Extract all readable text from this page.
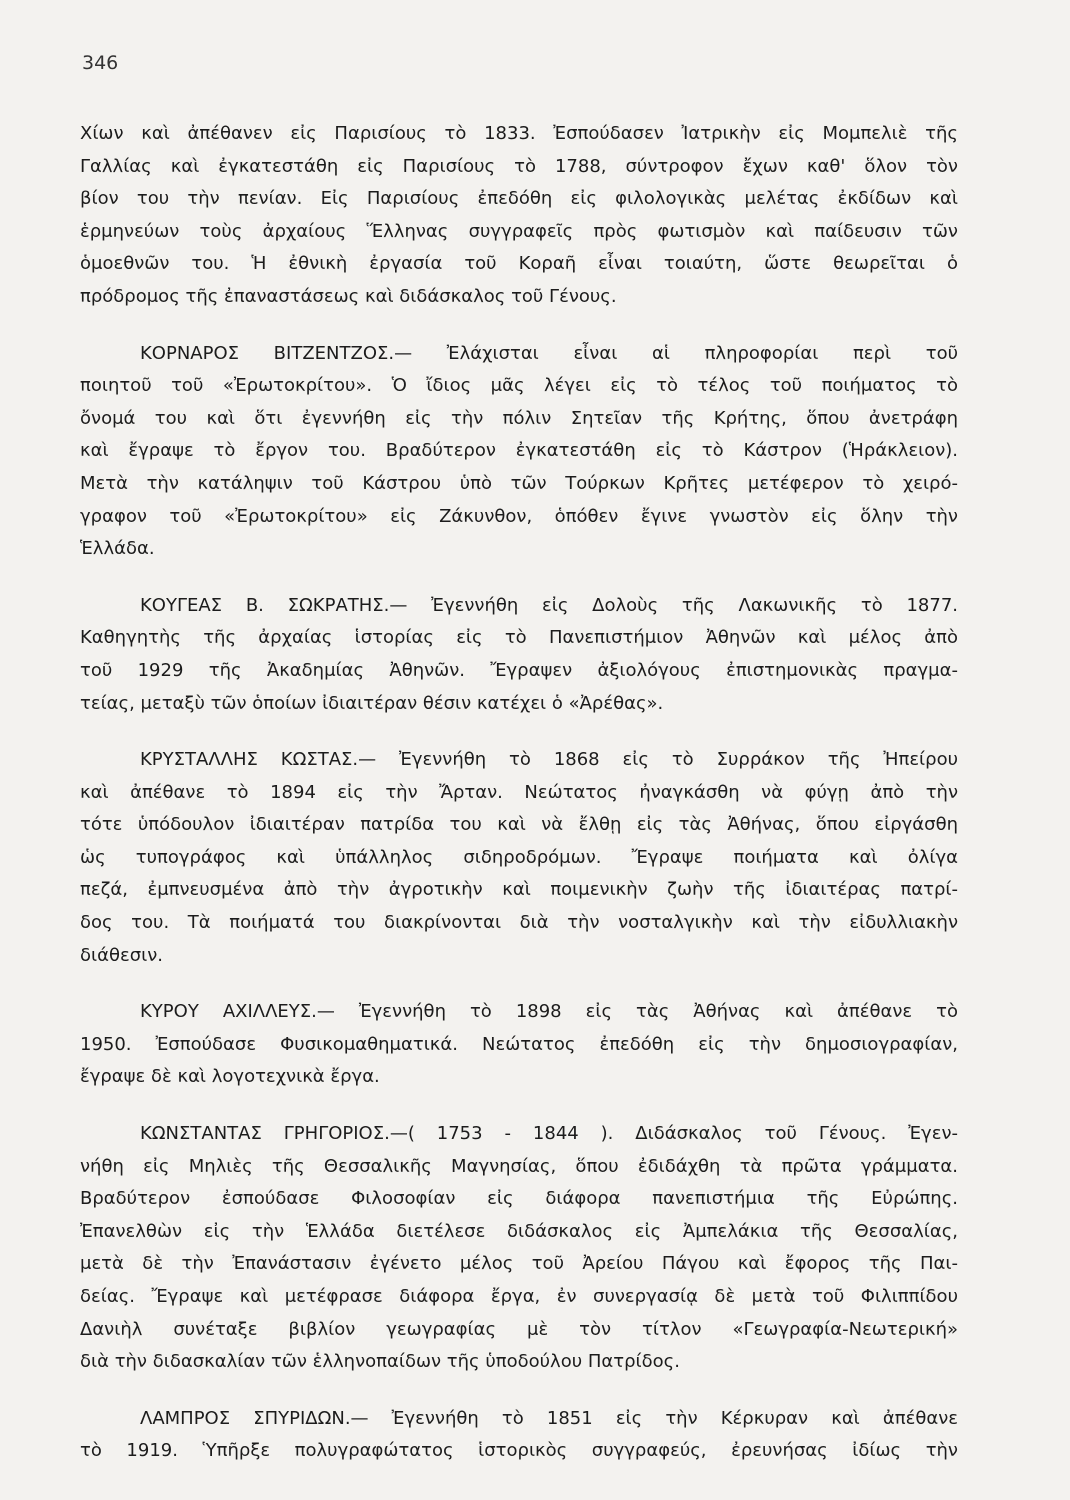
346
Χίων καὶ ἀπέθανεν εἰς Παρισίους τὸ 1833. Ἐσπούδασεν Ἰατρικὴν εἰς Μομπελιὲ τῆς
Γαλλίας καὶ ἐγκατεστάθη εἰς Παρισίους τὸ 1788, σύντροφον ἔχων καθ' ὅλον τὸν
βίον του τὴν πενίαν. Εἰς Παρισίους ἐπεδόθη εἰς φιλολογικὰς μελέτας ἐκδίδων καὶ
ἑρμηνεύων τοὺς ἀρχαίους Ἕλληνας συγγραφεῖς πρὸς φωτισμὸν καὶ παίδευσιν τῶν
ὁμοεθνῶν του. Ἡ ἐθνικὴ ἐργασία τοῦ Κοραῆ εἶναι τοιαύτη, ὥστε θεωρεῖται ὁ
πρόδρομος τῆς ἐπαναστάσεως καὶ διδάσκαλος τοῦ Γένους.
ΚΟΡΝΑΡΟΣ ΒΙΤΖΕΝΤΖΟΣ.— Ἐλάχισται εἶναι αἱ πληροφορίαι περὶ τοῦ
ποιητοῦ τοῦ «Ἐρωτοκρίτου». Ὁ ἴδιος μᾶς λέγει εἰς τὸ τέλος τοῦ ποιήματος τὸ
ὄνομά του καὶ ὅτι ἐγεννήθη εἰς τὴν πόλιν Σητεῖαν τῆς Κρήτης, ὅπου ἀνετράφη
καὶ ἔγραψε τὸ ἔργον του. Βραδύτερον ἐγκατεστάθη εἰς τὸ Κάστρον (Ἡράκλειον).
Μετὰ τὴν κατάληψιν τοῦ Κάστρου ὑπὸ τῶν Τούρκων Κρῆτες μετέφερον τὸ χειρό-
γραφον τοῦ «Ἐρωτοκρίτου» εἰς Ζάκυνθον, ὁπόθεν ἔγινε γνωστὸν εἰς ὅλην τὴν
Ἑλλάδα.
ΚΟΥΓΕΑΣ Β. ΣΩΚΡΑΤΗΣ.— Ἐγεννήθη εἰς Δολοὺς τῆς Λακωνικῆς τὸ 1877.
Καθηγητὴς τῆς ἀρχαίας ἱστορίας εἰς τὸ Πανεπιστήμιον Ἀθηνῶν καὶ μέλος ἀπὸ
τοῦ 1929 τῆς Ἀκαδημίας Ἀθηνῶν. Ἔγραψεν ἀξιολόγους ἐπιστημονικὰς πραγμα-
τείας, μεταξὺ τῶν ὁποίων ἰδιαιτέραν θέσιν κατέχει ὁ «Ἀρέθας».
ΚΡΥΣΤΑΛΛΗΣ ΚΩΣΤΑΣ.— Ἐγεννήθη τὸ 1868 εἰς τὸ Συρράκον τῆς Ἠπείρου
καὶ ἀπέθανε τὸ 1894 εἰς τὴν Ἄρταν. Νεώτατος ἠναγκάσθη νὰ φύγῃ ἀπὸ τὴν
τότε ὑπόδουλον ἰδιαιτέραν πατρίδα του καὶ νὰ ἔλθῃ εἰς τὰς Ἀθήνας, ὅπου εἰργάσθη
ὡς τυπογράφος καὶ ὑπάλληλος σιδηροδρόμων. Ἔγραψε ποιήματα καὶ ὀλίγα
πεζά, ἐμπνευσμένα ἀπὸ τὴν ἀγροτικὴν καὶ ποιμενικὴν ζωὴν τῆς ἰδιαιτέρας πατρί-
δος του. Τὰ ποιήματά του διακρίνονται διὰ τὴν νοσταλγικὴν καὶ τὴν εἰδυλλιακὴν
διάθεσιν.
ΚΥΡΟΥ ΑΧΙΛΛΕΥΣ.— Ἐγεννήθη τὸ 1898 εἰς τὰς Ἀθήνας καὶ ἀπέθανε τὸ
1950. Ἐσπούδασε Φυσικομαθηματικά. Νεώτατος ἐπεδόθη εἰς τὴν δημοσιογραφίαν,
ἔγραψε δὲ καὶ λογοτεχνικὰ ἔργα.
ΚΩΝΣΤΑΝΤΑΣ ΓΡΗΓΟΡΙΟΣ.—( 1753 - 1844 ). Διδάσκαλος τοῦ Γένους. Ἐγεν-
νήθη εἰς Μηλιὲς τῆς Θεσσαλικῆς Μαγνησίας, ὅπου ἐδιδάχθη τὰ πρῶτα γράμματα.
Βραδύτερον ἐσπούδασε Φιλοσοφίαν εἰς διάφορα πανεπιστήμια τῆς Εὐρώπης.
Ἐπανελθὼν εἰς τὴν Ἑλλάδα διετέλεσε διδάσκαλος εἰς Ἀμπελάκια τῆς Θεσσαλίας,
μετὰ δὲ τὴν Ἐπανάστασιν ἐγένετο μέλος τοῦ Ἀρείου Πάγου καὶ ἔφορος τῆς Παι-
δείας. Ἔγραψε καὶ μετέφρασε διάφορα ἔργα, ἐν συνεργασίᾳ δὲ μετὰ τοῦ Φιλιππίδου
Δανιὴλ συνέταξε βιβλίον γεωγραφίας μὲ τὸν τίτλον «Γεωγραφία-Νεωτερική»
διὰ τὴν διδασκαλίαν τῶν ἑλληνοπαίδων τῆς ὑποδούλου Πατρίδος.
ΛΑΜΠΡΟΣ ΣΠΥΡΙΔΩΝ.— Ἐγεννήθη τὸ 1851 εἰς τὴν Κέρκυραν καὶ ἀπέθανε
τὸ 1919. Ὑπῆρξε πολυγραφώτατος ἱστορικὸς συγγραφεύς, ἐρευνήσας ἰδίως τὴν
